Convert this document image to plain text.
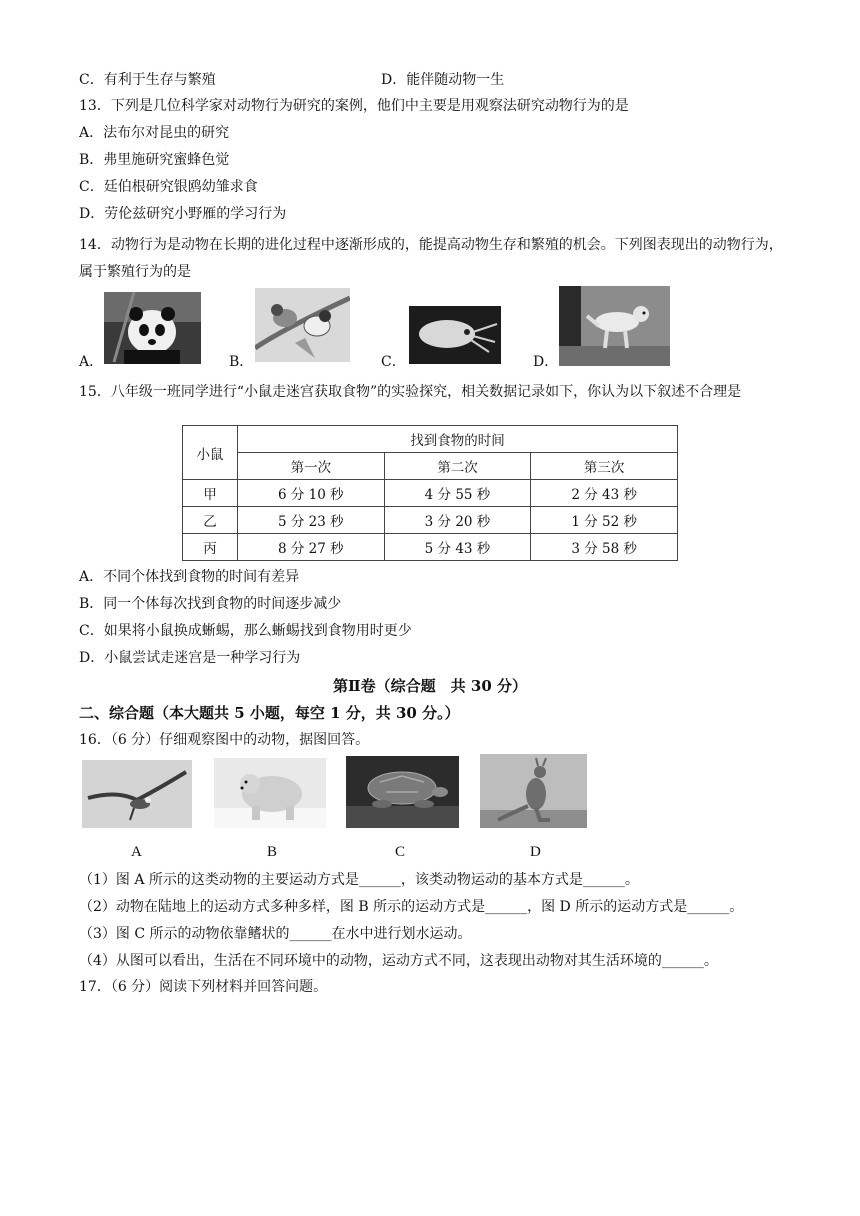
C．有利于生存与繁殖	D．能伴随动物一生
13．下列是几位科学家对动物行为研究的案例，他们中主要是用观察法研究动物行为的是
A．法布尔对昆虫的研究
B．弗里施研究蜜蜂色觉
C．廷伯根研究银鸥幼雏求食
D．劳伦兹研究小野雁的学习行为
14．动物行为是动物在长期的进化过程中逐渐形成的，能提高动物生存和繁殖的机会。下列图表现出的动物行为，属于繁殖行为的是
A．	B．	C．	D．
15．八年级一班同学进行“小鼠走迷宫获取食物”的实验探究，相关数据记录如下，你认为以下叙述不合理是
小鼠	找到食物的时间		
	第一次	第二次	第三次
甲	6 分 10 秒	4 分 55 秒	2 分 43 秒
乙	5 分 23 秒	3 分 20 秒	1 分 52 秒
丙	8 分 27 秒	5 分 43 秒	3 分 58 秒
A．不同个体找到食物的时间有差异
B．同一个体每次找到食物的时间逐步减少
C．如果将小鼠换成蜥蜴，那么蜥蜴找到食物用时更少
D．小鼠尝试走迷宫是一种学习行为
第Ⅱ卷（综合题　共 30 分）
二、综合题（本大题共 5 小题，每空 1 分，共 30 分。）
16．（6 分）仔细观察图中的动物，据图回答。
A	B	C	D
（1）图 A 所示的这类动物的主要运动方式是______，该类动物运动的基本方式是______。
（2）动物在陆地上的运动方式多种多样，图 B 所示的运动方式是______，图 D 所示的运动方式是______。
（3）图 C 所示的动物依靠鳍状的______在水中进行划水运动。
（4）从图可以看出，生活在不同环境中的动物，运动方式不同，这表现出动物对其生活环境的______。
17．（6 分）阅读下列材料并回答问题。
